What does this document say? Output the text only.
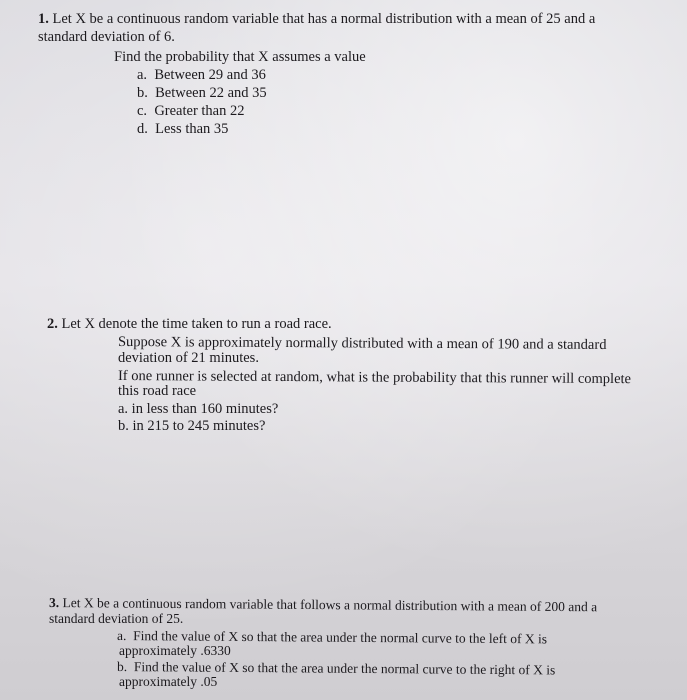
1. Let X be a continuous random variable that has a normal distribution with a mean of 25 and a
standard deviation of 6.
Find the probability that X assumes a value
a. Between 29 and 36
b. Between 22 and 35
c. Greater than 22
d. Less than 35
2. Let X denote the time taken to run a road race.
Suppose X is approximately normally distributed with a mean of 190 and a standard
deviation of 21 minutes.
If one runner is selected at random, what is the probability that this runner will complete
this road race
a. in less than 160 minutes?
b. in 215 to 245 minutes?
3. Let X be a continuous random variable that follows a normal distribution with a mean of 200 and a
standard deviation of 25.
a. Find the value of X so that the area under the normal curve to the left of X is
approximately .6330
b. Find the value of X so that the area under the normal curve to the right of X is
approximately .05
